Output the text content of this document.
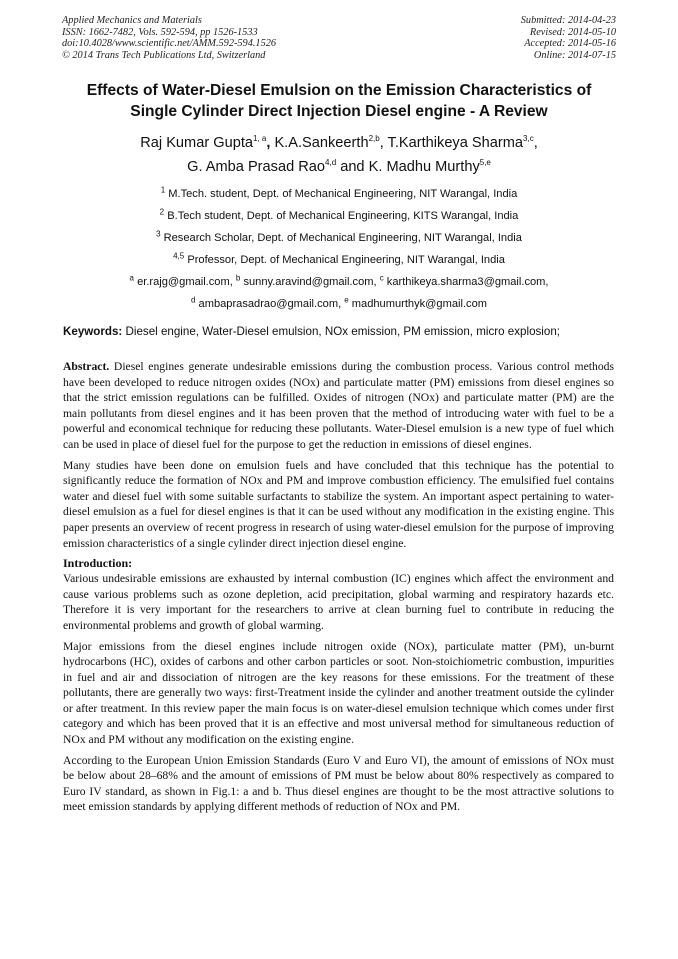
Applied Mechanics and Materials
ISSN: 1662-7482, Vols. 592-594, pp 1526-1533
doi:10.4028/www.scientific.net/AMM.592-594.1526
© 2014 Trans Tech Publications Ltd, Switzerland
Submitted: 2014-04-23
Revised: 2014-05-10
Accepted: 2014-05-16
Online: 2014-07-15
Effects of Water-Diesel Emulsion on the Emission Characteristics of
Single Cylinder Direct Injection Diesel engine - A Review
Raj Kumar Gupta$^{1, a}$, K.A.Sankeerth$^{2,b}$, T.Karthikeya Sharma$^{3,c}$,
G. Amba Prasad Rao$^{4,d}$ and K. Madhu Murthy$^{5,e}$
$^1$ M.Tech. student, Dept. of Mechanical Engineering, NIT Warangal, India
$^2$ B.Tech student, Dept. of Mechanical Engineering, KITS Warangal, India
$^3$ Research Scholar, Dept. of Mechanical Engineering, NIT Warangal, India
$^{4,5}$ Professor, Dept. of Mechanical Engineering, NIT Warangal, India
$^a$ er.rajg@gmail.com, $^b$ sunny.aravind@gmail.com, $^c$ karthikeya.sharma3@gmail.com,
$^d$ ambaprasadrao@gmail.com, $^e$ madhumurthyk@gmail.com
Keywords: Diesel engine, Water-Diesel emulsion, NOx emission, PM emission, micro explosion;

Abstract. Diesel engines generate undesirable emissions during the combustion process. Various control methods have been developed to reduce nitrogen oxides (NOx) and particulate matter (PM) emissions from diesel engines so that the strict emission regulations can be fulfilled. Oxides of nitrogen (NOx) and particulate matter (PM) are the main pollutants from diesel engines and it has been proven that the method of introducing water with fuel to be a powerful and economical technique for reducing these pollutants. Water-Diesel emulsion is a new type of fuel which can be used in place of diesel fuel for the purpose to get the reduction in emissions of diesel engines.

Many studies have been done on emulsion fuels and have concluded that this technique has the potential to significantly reduce the formation of NOx and PM and improve combustion efficiency. The emulsified fuel contains water and diesel fuel with some suitable surfactants to stabilize the system. An important aspect pertaining to water-diesel emulsion as a fuel for diesel engines is that it can be used without any modification in the existing engine. This paper presents an overview of recent progress in research of using water-diesel emulsion for the purpose of improving emission characteristics of a single cylinder direct injection diesel engine.

Introduction:

Various undesirable emissions are exhausted by internal combustion (IC) engines which affect the environment and cause various problems such as ozone depletion, acid precipitation, global warming and respiratory hazards etc. Therefore it is very important for the researchers to arrive at clean burning fuel to contribute in reducing the environmental problems and growth of global warming.

Major emissions from the diesel engines include nitrogen oxide (NOx), particulate matter (PM), un-burnt hydrocarbons (HC), oxides of carbons and other carbon particles or soot. Non-stoichiometric combustion, impurities in fuel and air and dissociation of nitrogen are the key reasons for these emissions. For the treatment of these pollutants, there are generally two ways: first-Treatment inside the cylinder and another treatment outside the cylinder or after treatment. In this review paper the main focus is on water-diesel emulsion technique which comes under first category and which has been proved that it is an effective and most universal method for simultaneous reduction of NOx and PM without any modification on the existing engine.

According to the European Union Emission Standards (Euro V and Euro VI), the amount of emissions of NOx must be below about 28–68% and the amount of emissions of PM must be below about 80% respectively as compared to Euro IV standard, as shown in Fig.1: a and b. Thus diesel engines are thought to be the most attractive solutions to meet emission standards by applying different methods of reduction of NOx and PM.
